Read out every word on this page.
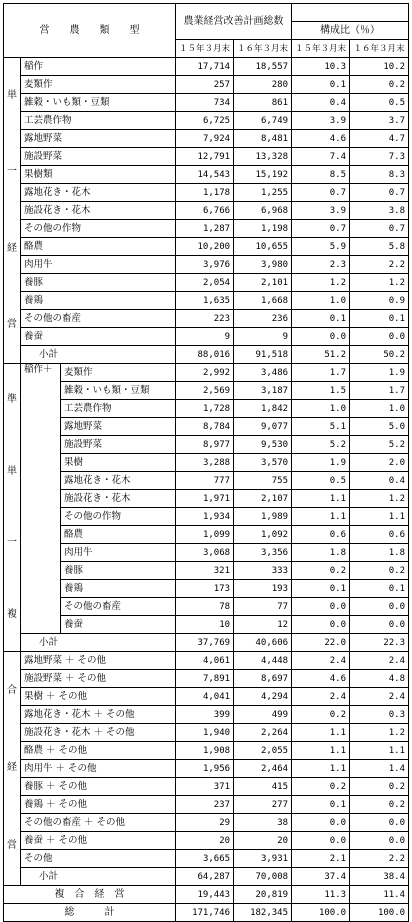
営　　農　　類　　型			農業経営改善計画総数			
					構成比（％）	
			１５年３月末	１６年３月末	１５年３月末	１６年３月末

単
一
経
営	稲作		17,714	18,557	10.3	10.2
	麦類作		257	280	0.1	0.2
	雑穀・いも類・豆類		734	861	0.4	0.5
	工芸農作物		6,725	6,749	3.9	3.7
	露地野菜		7,924	8,481	4.6	4.7
	施設野菜		12,791	13,328	7.4	7.3
	果樹類		14,543	15,192	8.5	8.3
	露地花き・花木		1,178	1,255	0.7	0.7
	施設花き・花木		6,766	6,968	3.9	3.8
	その他の作物		1,287	1,198	0.7	0.7
	酪農		10,200	10,655	5.9	5.8
	肉用牛		3,976	3,980	2.3	2.2
	養豚		2,054	2,101	1.2	1.2
	養鶏		1,635	1,668	1.0	0.9
	その他の畜産		223	236	0.1	0.1
	養蚕		9	9	0.0	0.0
	小計		88,016	91,518	51.2	50.2

準
単
一
複	稲作＋	麦類作	2,992	3,486	1.7	1.9
		雑穀・いも類・豆類	2,569	3,187	1.5	1.7
		工芸農作物	1,728	1,842	1.0	1.0
		露地野菜	8,784	9,077	5.1	5.0
		施設野菜	8,977	9,530	5.2	5.2
		果樹	3,288	3,570	1.9	2.0
		露地花き・花木	777	755	0.5	0.4
		施設花き・花木	1,971	2,107	1.1	1.2
		その他の作物	1,934	1,989	1.1	1.1
		酪農	1,099	1,092	0.6	0.6
		肉用牛	3,068	3,356	1.8	1.8
		養豚	321	333	0.2	0.2
		養鶏	173	193	0.1	0.1
		その他の畜産	78	77	0.0	0.0
		養蚕	10	12	0.0	0.0
	小計		37,769	40,606	22.0	22.3

合
経
営	露地野菜 ＋ その他		4,061	4,448	2.4	2.4
	施設野菜 ＋ その他		7,891	8,697	4.6	4.8
	果樹 ＋ その他		4,041	4,294	2.4	2.4
	露地花き・花木 ＋ その他		399	499	0.2	0.3
	施設花き・花木 ＋ その他		1,940	2,264	1.1	1.2
	酪農 ＋ その他		1,908	2,055	1.1	1.1
	肉用牛 ＋ その他		1,956	2,464	1.1	1.4
	養豚 ＋ その他		371	415	0.2	0.2
	養鶏 ＋ その他		237	277	0.1	0.2
	その他の畜産 ＋ その他		29	38	0.0	0.0
	養蚕 ＋ その他		20	20	0.0	0.0
	その他		3,665	3,931	2.1	2.2
	小計		64,287	70,008	37.4	38.4
複　合　経　営			19,443	20,819	11.3	11.4
総　　　計			171,746	182,345	100.0	100.0
